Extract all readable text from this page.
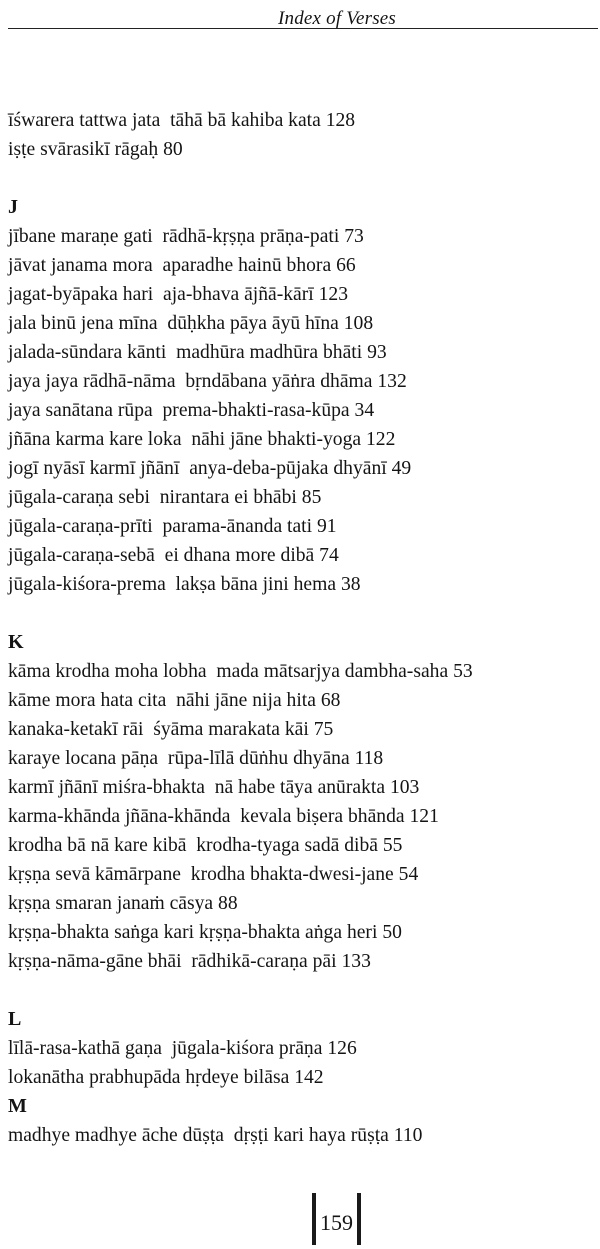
Index of Verses
īśwarera tattwa jata  tāhā bā kahiba kata 128
iṣṭe svārasikī rāgaḥ 80
J
jībane maraṇe gati  rādhā-kṛṣṇa prāṇa-pati 73
jāvat janama mora  aparadhe hainū bhora 66
jagat-byāpaka hari  aja-bhava ājñā-kārī 123
jala binū jena mīna  dūḥkha pāya āyū hīna 108
jalada-sūndara kānti  madhūra madhūra bhāti 93
jaya jaya rādhā-nāma  bṛndābana yāṅra dhāma 132
jaya sanātana rūpa  prema-bhakti-rasa-kūpa 34
jñāna karma kare loka  nāhi jāne bhakti-yoga 122
jogī nyāsī karmī jñānī  anya-deba-pūjaka dhyānī 49
jūgala-caraṇa sebi  nirantara ei bhābi 85
jūgala-caraṇa-prīti  parama-ānanda tati 91
jūgala-caraṇa-sebā  ei dhana more dibā 74
jūgala-kiśora-prema  lakṣa bāna jini hema 38
K
kāma krodha moha lobha  mada mātsarjya dambha-saha 53
kāme mora hata cita  nāhi jāne nija hita 68
kanaka-ketakī rāi  śyāma marakata kāi 75
karaye locana pāṇa  rūpa-līlā dūṅhu dhyāna 118
karmī jñānī miśra-bhakta  nā habe tāya anūrakta 103
karma-khānda jñāna-khānda  kevala biṣera bhānda 121
krodha bā nā kare kibā  krodha-tyaga sadā dibā 55
kṛṣṇa sevā kāmārpane  krodha bhakta-dwesi-jane 54
kṛṣṇa smaran janaṁ cāsya 88
kṛṣṇa-bhakta saṅga kari kṛṣṇa-bhakta aṅga heri 50
kṛṣṇa-nāma-gāne bhāi  rādhikā-caraṇa pāi 133
L
līlā-rasa-kathā gaṇa  jūgala-kiśora prāṇa 126
lokanātha prabhupāda hṛdeye bilāsa 142
M
madhye madhye āche dūṣṭa  dṛṣṭi kari haya rūṣṭa 110
159
